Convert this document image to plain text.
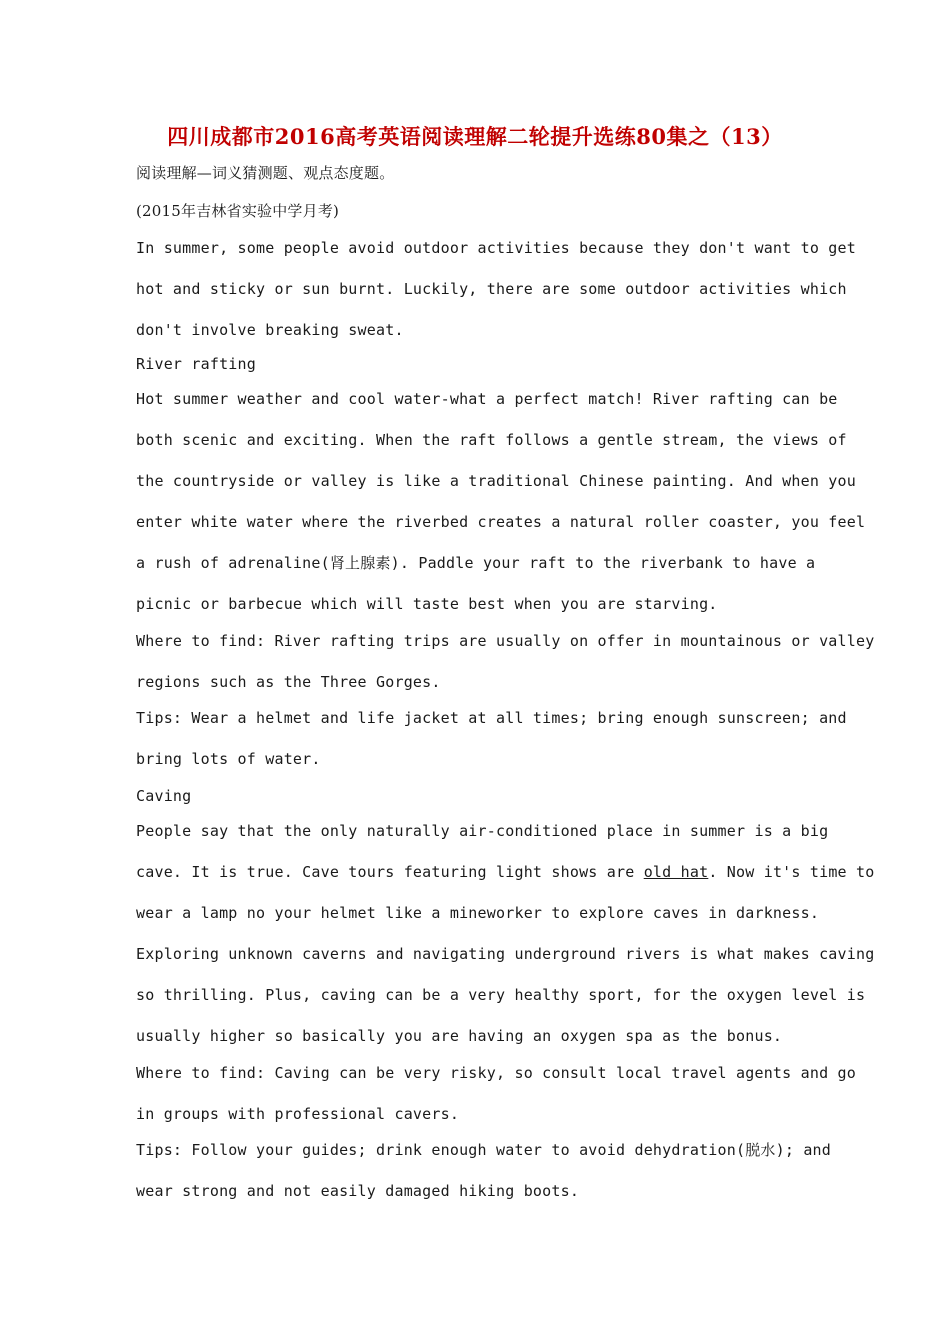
四川成都市2016高考英语阅读理解二轮提升选练80集之（13）
阅读理解—词义猜测题、观点态度题。
(2015年吉林省实验中学月考)
In summer, some people avoid outdoor activities because they don't want to get
hot and sticky or sun burnt. Luckily, there are some outdoor activities which
don't involve breaking sweat.
River rafting
Hot summer weather and cool water-what a perfect match! River rafting can be
both scenic and exciting. When the raft follows a gentle stream, the views of
the countryside or valley is like a traditional Chinese painting. And when you
enter white water where the riverbed creates a natural roller coaster, you feel
a rush of adrenaline(肾上腺素). Paddle your raft to the riverbank to have a
picnic or barbecue which will taste best when you are starving.
Where to find: River rafting trips are usually on offer in mountainous or valley
regions such as the Three Gorges.
Tips: Wear a helmet and life jacket at all times; bring enough sunscreen; and
bring lots of water.
Caving
People say that the only naturally air-conditioned place in summer is a big
cave. It is true. Cave tours featuring light shows are old hat. Now it's time to
wear a lamp no your helmet like a mineworker to explore caves in darkness.
Exploring unknown caverns and navigating underground rivers is what makes caving
so thrilling. Plus, caving can be a very healthy sport, for the oxygen level is
usually higher so basically you are having an oxygen spa as the bonus.
Where to find: Caving can be very risky, so consult local travel agents and go
in groups with professional cavers.
Tips: Follow your guides; drink enough water to avoid dehydration(脱水); and
wear strong and not easily damaged hiking boots.
